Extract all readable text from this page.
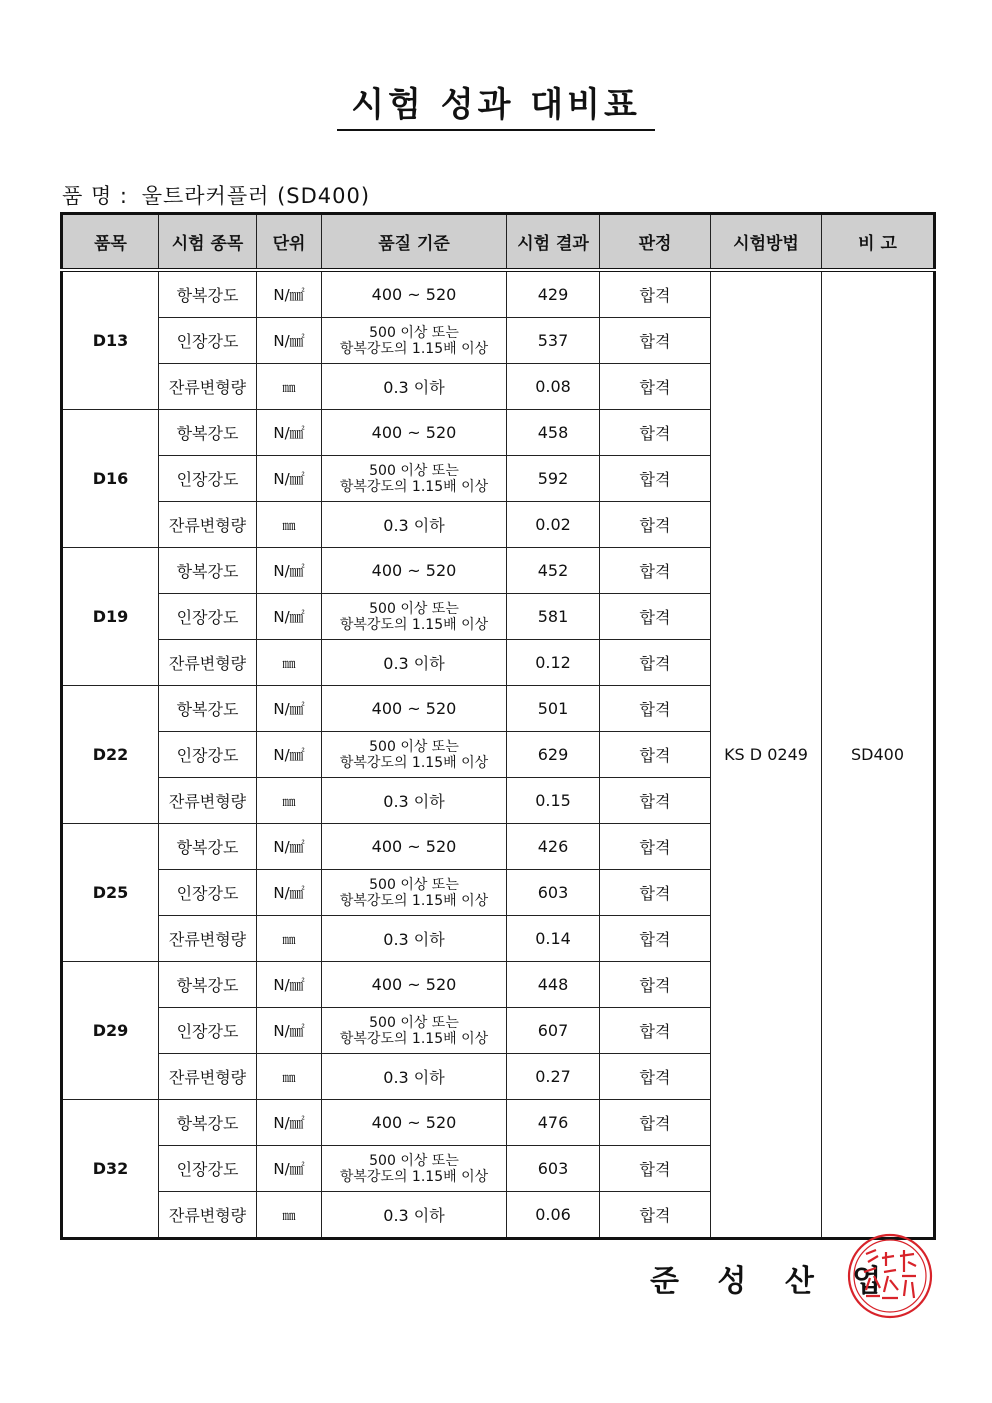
시험 성과 대비표
품 명 : 울트라커플러 (SD400)
품목	시험 종목	단위	품질 기준	시험 결과	판정	시험방법	비 고
D13	항복강도	N/㎟	400 ~ 520	429	합격	KS D 0249	SD400
	인장강도	N/㎟	500 이상 또는
항복강도의 1.15배 이상	537	합격		
	잔류변형량	㎜	0.3 이하	0.08	합격		
D16	항복강도	N/㎟	400 ~ 520	458	합격		
	인장강도	N/㎟	500 이상 또는
항복강도의 1.15배 이상	592	합격		
	잔류변형량	㎜	0.3 이하	0.02	합격		
D19	항복강도	N/㎟	400 ~ 520	452	합격		
	인장강도	N/㎟	500 이상 또는
항복강도의 1.15배 이상	581	합격		
	잔류변형량	㎜	0.3 이하	0.12	합격		
D22	항복강도	N/㎟	400 ~ 520	501	합격		
	인장강도	N/㎟	500 이상 또는
항복강도의 1.15배 이상	629	합격		
	잔류변형량	㎜	0.3 이하	0.15	합격		
D25	항복강도	N/㎟	400 ~ 520	426	합격		
	인장강도	N/㎟	500 이상 또는
항복강도의 1.15배 이상	603	합격		
	잔류변형량	㎜	0.3 이하	0.14	합격		
D29	항복강도	N/㎟	400 ~ 520	448	합격		
	인장강도	N/㎟	500 이상 또는
항복강도의 1.15배 이상	607	합격		
	잔류변형량	㎜	0.3 이하	0.27	합격		
D32	항복강도	N/㎟	400 ~ 520	476	합격		
	인장강도	N/㎟	500 이상 또는
항복강도의 1.15배 이상	603	합격		
	잔류변형량	㎜	0.3 이하	0.06	합격		
준 성 산 업
